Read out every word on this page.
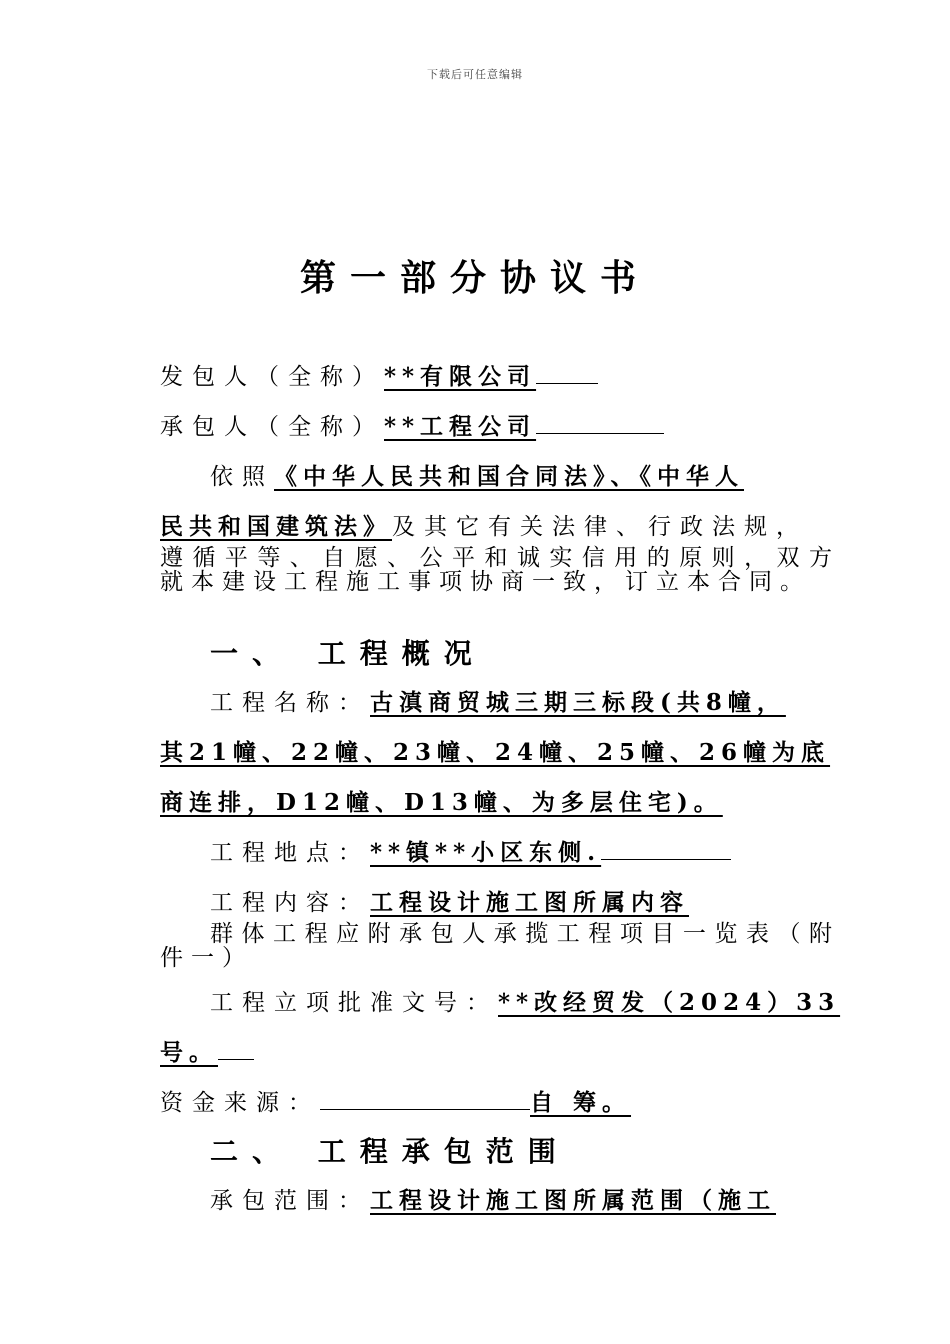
下载后可任意编辑
第一部分协议书
发包人（全称）**有限公司
承包人（全称）**工程公司
依照《中华人民共和国合同法》、《中华人
民共和国建筑法》及其它有关法律、行政法规，
遵循平等、自愿、公平和诚实信用的原则，双方就本建设工程施工事项协商一致，订立本合同。
一、 工程概况
工程名称：古滇商贸城三期三标段(共8幢，
其21幢、22幢、23幢、24幢、25幢、26幢为底
商连排，D12幢、D13幢、为多层住宅)。
工程地点：**镇**小区东侧.
工程内容：工程设计施工图所属内容
群体工程应附承包人承揽工程项目一览表（附件一）
工程立项批准文号：**改经贸发（2024）33
号。
资金来源：	自 筹。
二、 工程承包范围
承包范围：工程设计施工图所属范围（施工
